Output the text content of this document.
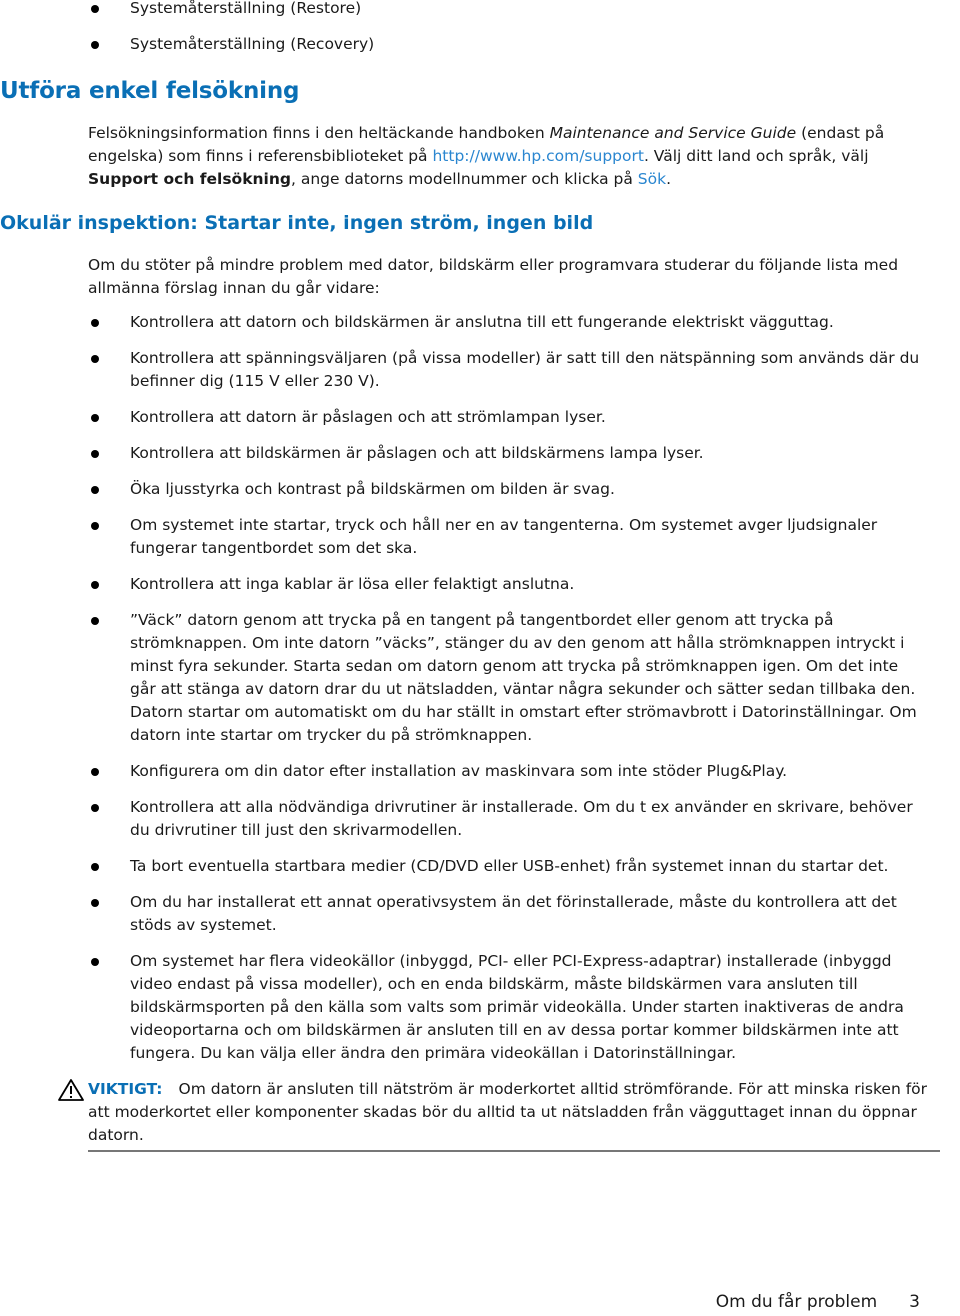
Systemåterställning (Restore)
Systemåterställning (Recovery)
Utföra enkel felsökning
Felsökningsinformation finns i den heltäckande handboken Maintenance and Service Guide (endast på engelska) som finns i referensbiblioteket på http://www.hp.com/support. Välj ditt land och språk, välj Support och felsökning, ange datorns modellnummer och klicka på Sök.
Okulär inspektion: Startar inte, ingen ström, ingen bild
Om du stöter på mindre problem med dator, bildskärm eller programvara studerar du följande lista med allmänna förslag innan du går vidare:
Kontrollera att datorn och bildskärmen är anslutna till ett fungerande elektriskt vägguttag.
Kontrollera att spänningsväljaren (på vissa modeller) är satt till den nätspänning som används där du befinner dig (115 V eller 230 V).
Kontrollera att datorn är påslagen och att strömlampan lyser.
Kontrollera att bildskärmen är påslagen och att bildskärmens lampa lyser.
Öka ljusstyrka och kontrast på bildskärmen om bilden är svag.
Om systemet inte startar, tryck och håll ner en av tangenterna. Om systemet avger ljudsignaler fungerar tangentbordet som det ska.
Kontrollera att inga kablar är lösa eller felaktigt anslutna.
”Väck” datorn genom att trycka på en tangent på tangentbordet eller genom att trycka på strömknappen. Om inte datorn ”väcks”, stänger du av den genom att hålla strömknappen intryckt i minst fyra sekunder. Starta sedan om datorn genom att trycka på strömknappen igen. Om det inte går att stänga av datorn drar du ut nätsladden, väntar några sekunder och sätter sedan tillbaka den. Datorn startar om automatiskt om du har ställt in omstart efter strömavbrott i Datorinställningar. Om datorn inte startar om trycker du på strömknappen.
Konfigurera om din dator efter installation av maskinvara som inte stöder Plug&Play.
Kontrollera att alla nödvändiga drivrutiner är installerade. Om du t ex använder en skrivare, behöver du drivrutiner till just den skrivarmodellen.
Ta bort eventuella startbara medier (CD/DVD eller USB-enhet) från systemet innan du startar det.
Om du har installerat ett annat operativsystem än det förinstallerade, måste du kontrollera att det stöds av systemet.
Om systemet har flera videokällor (inbyggd, PCI- eller PCI-Express-adaptrar) installerade (inbyggd video endast på vissa modeller), och en enda bildskärm, måste bildskärmen vara ansluten till bildskärmsporten på den källa som valts som primär videokälla. Under starten inaktiveras de andra videoportarna och om bildskärmen är ansluten till en av dessa portar kommer bildskärmen inte att fungera. Du kan välja eller ändra den primära videokällan i Datorinställningar.
VIKTIGT: Om datorn är ansluten till nätström är moderkortet alltid strömförande. För att minska risken för att moderkortet eller komponenter skadas bör du alltid ta ut nätsladden från vägguttaget innan du öppnar datorn.
Om du får problem 3
